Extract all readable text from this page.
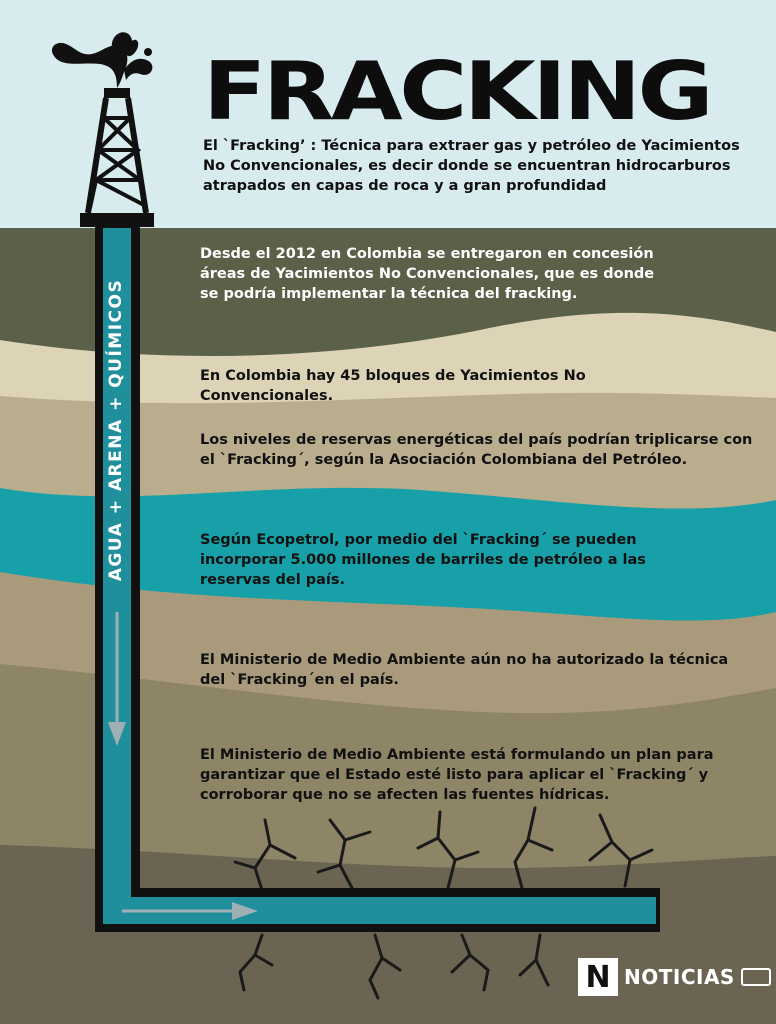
FRACKING

El `Fracking’ : Técnica para extraer gas y petróleo de Yacimientos No Convencionales, es decir donde se encuentran hidrocarburos atrapados en capas de roca y a gran profundidad

AGUA + ARENA + QUÍMICOS

Desde el 2012 en Colombia se entregaron en concesión áreas de Yacimientos No Convencionales, que es donde se podría implementar la técnica del fracking.

En Colombia hay 45 bloques de Yacimientos No Convencionales.

Los niveles de reservas energéticas del país podrían triplicarse con el `Fracking´, según la Asociación Colombiana del Petróleo.

Según Ecopetrol, por medio del `Fracking´ se pueden incorporar 5.000 millones de barriles de petróleo a las reservas del país.

El Ministerio de Medio Ambiente aún no ha autorizado la técnica del `Fracking´en el país.

El Ministerio de Medio Ambiente está formulando un plan para garantizar que el Estado esté listo para aplicar el `Fracking´ y corroborar que no se afecten las fuentes hídricas.

N NOTICIAS
